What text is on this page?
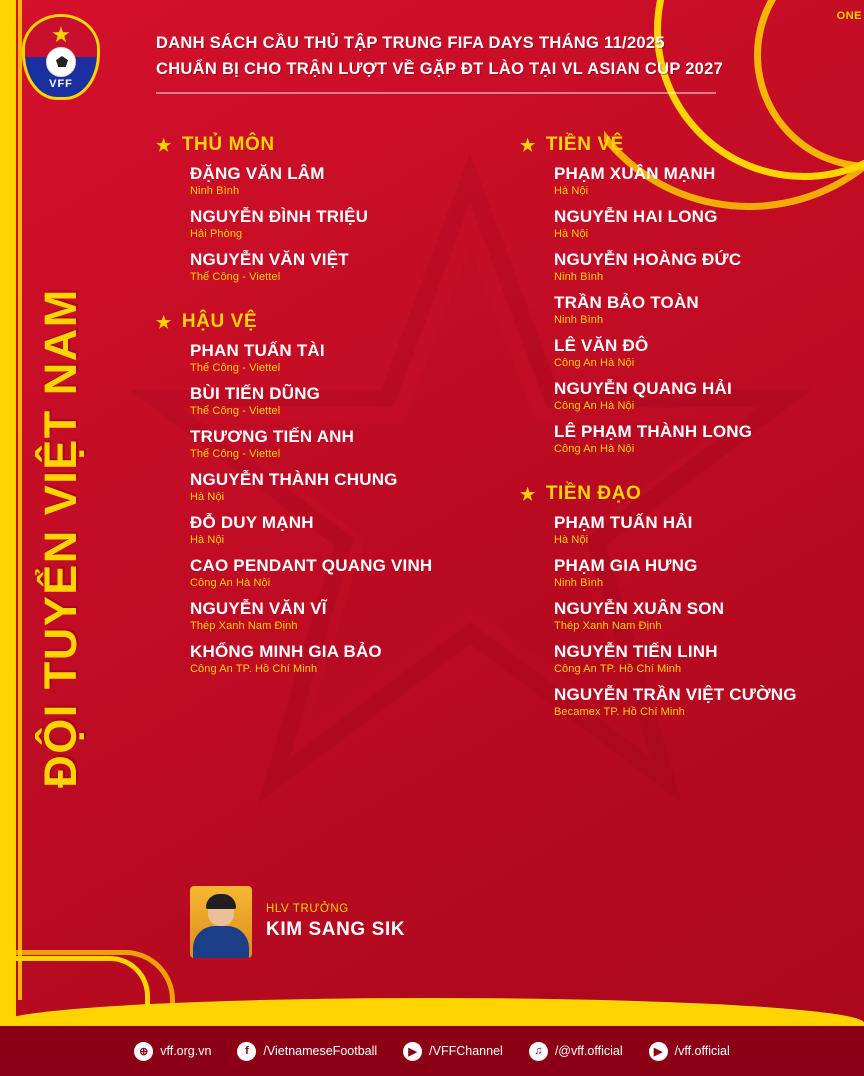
ĐỘI TUYỂN VIỆT NAM
ONE
★
VFF
DANH SÁCH CẦU THỦ TẬP TRUNG FIFA DAYS THÁNG 11/2025
CHUẨN BỊ CHO TRẬN LƯỢT VỀ GẶP ĐT LÀO TẠI VL ASIAN CUP 2027
★ THỦ MÔN
ĐẶNG VĂN LÂM
Ninh Bình
NGUYỄN ĐÌNH TRIỆU
Hải Phòng
NGUYỄN VĂN VIỆT
Thể Công - Viettel
★ HẬU VỆ
PHAN TUẤN TÀI
Thể Công - Viettel
BÙI TIẾN DŨNG
Thể Công - Viettel
TRƯƠNG TIẾN ANH
Thể Công - Viettel
NGUYỄN THÀNH CHUNG
Hà Nội
ĐỖ DUY MẠNH
Hà Nội
CAO PENDANT QUANG VINH
Công An Hà Nội
NGUYỄN VĂN VĨ
Thép Xanh Nam Định
KHỔNG MINH GIA BẢO
Công An TP. Hồ Chí Minh
★ TIỀN VỆ
PHẠM XUÂN MẠNH
Hà Nội
NGUYỄN HAI LONG
Hà Nội
NGUYỄN HOÀNG ĐỨC
Ninh Bình
TRẦN BẢO TOÀN
Ninh Bình
LÊ VĂN ĐÔ
Công An Hà Nội
NGUYỄN QUANG HẢI
Công An Hà Nội
LÊ PHẠM THÀNH LONG
Công An Hà Nội
★ TIỀN ĐẠO
PHẠM TUẤN HẢI
Hà Nội
PHẠM GIA HƯNG
Ninh Bình
NGUYỄN XUÂN SON
Thép Xanh Nam Định
NGUYỄN TIẾN LINH
Công An TP. Hồ Chí Minh
NGUYỄN TRẦN VIỆT CƯỜNG
Becamex TP. Hồ Chí Minh
HLV TRƯỞNG
KIM SANG SIK
⊕ vff.org.vn	f	/VietnameseFootball	▶ /VFFChannel	♫ /@vff.official	▶ /vff.official
